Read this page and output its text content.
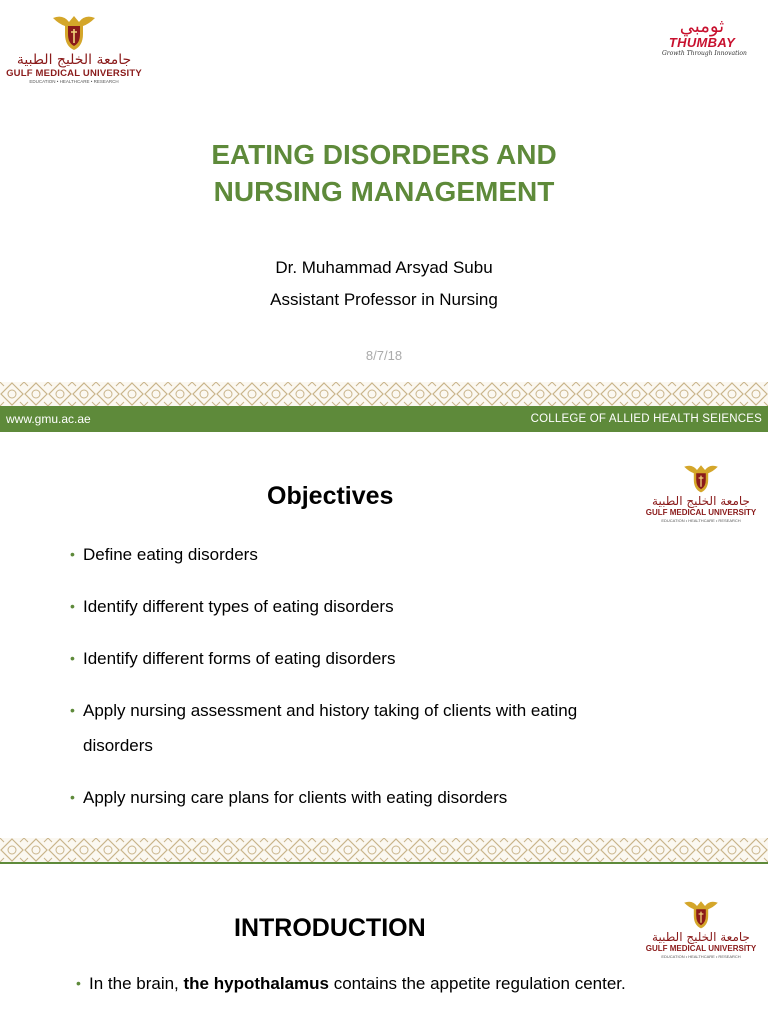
جامعة الخليج الطبية
GULF MEDICAL UNIVERSITY
EDUCATION • HEALTHCARE • RESEARCH
ثومبي
THUMBAY
Growth Through Innovation
EATING DISORDERS AND
NURSING MANAGEMENT
Dr. Muhammad Arsyad Subu
Assistant Professor in Nursing
8/7/18
www.gmu.ac.ae	COLLEGE OF ALLIED HEALTH SEIENCES
Objectives	جامعة الخليج الطبية
GULF MEDICAL UNIVERSITY
EDUCATION • HEALTHCARE • RESEARCH
• Define eating disorders
• Identify different types of eating disorders
• Identify different forms of eating disorders
• Apply nursing assessment and history taking of clients with eating
disorders
• Apply nursing care plans for clients with eating disorders
INTRODUCTION	جامعة الخليج الطبية
GULF MEDICAL UNIVERSITY
EDUCATION • HEALTHCARE • RESEARCH
• In the brain, the hypothalamus contains the appetite regulation center.
